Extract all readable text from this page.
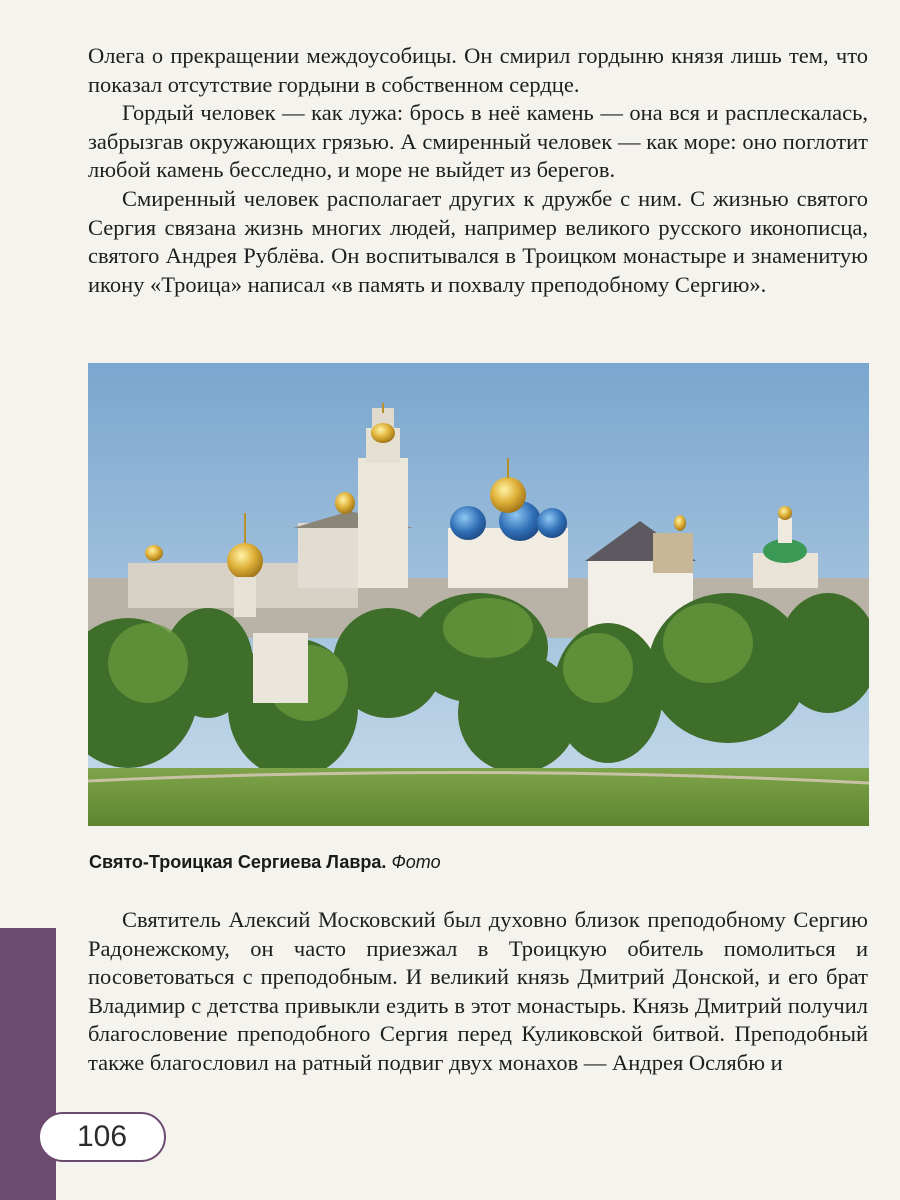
Олега о прекращении междоусобицы. Он смирил гордыню князя лишь тем, что показал отсутствие гордыни в собственном сердце.

Гордый человек — как лужа: брось в неё камень — она вся и расплескалась, забрызгав окружающих грязью. А смиренный человек — как море: оно поглотит любой камень бесследно, и море не выйдет из берегов.

Смиренный человек располагает других к дружбе с ним. С жизнью святого Сергия связана жизнь многих людей, например великого русского иконописца, святого Андрея Рублёва. Он воспитывался в Троицком монастыре и знаменитую икону «Троица» написал «в память и похвалу преподобному Сергию».

Свято-Троицкая Сергиева Лавра. Фото

Святитель Алексий Московский был духовно близок преподобному Сергию Радонежскому, он часто приезжал в Троицкую обитель помолиться и посоветоваться с преподобным. И великий князь Дмитрий Донской, и его брат Владимир с детства привыкли ездить в этот монастырь. Князь Дмитрий получил благословение преподобного Сергия перед Куликовской битвой. Преподобный также благословил на ратный подвиг двух монахов — Андрея Ослябю и

106
